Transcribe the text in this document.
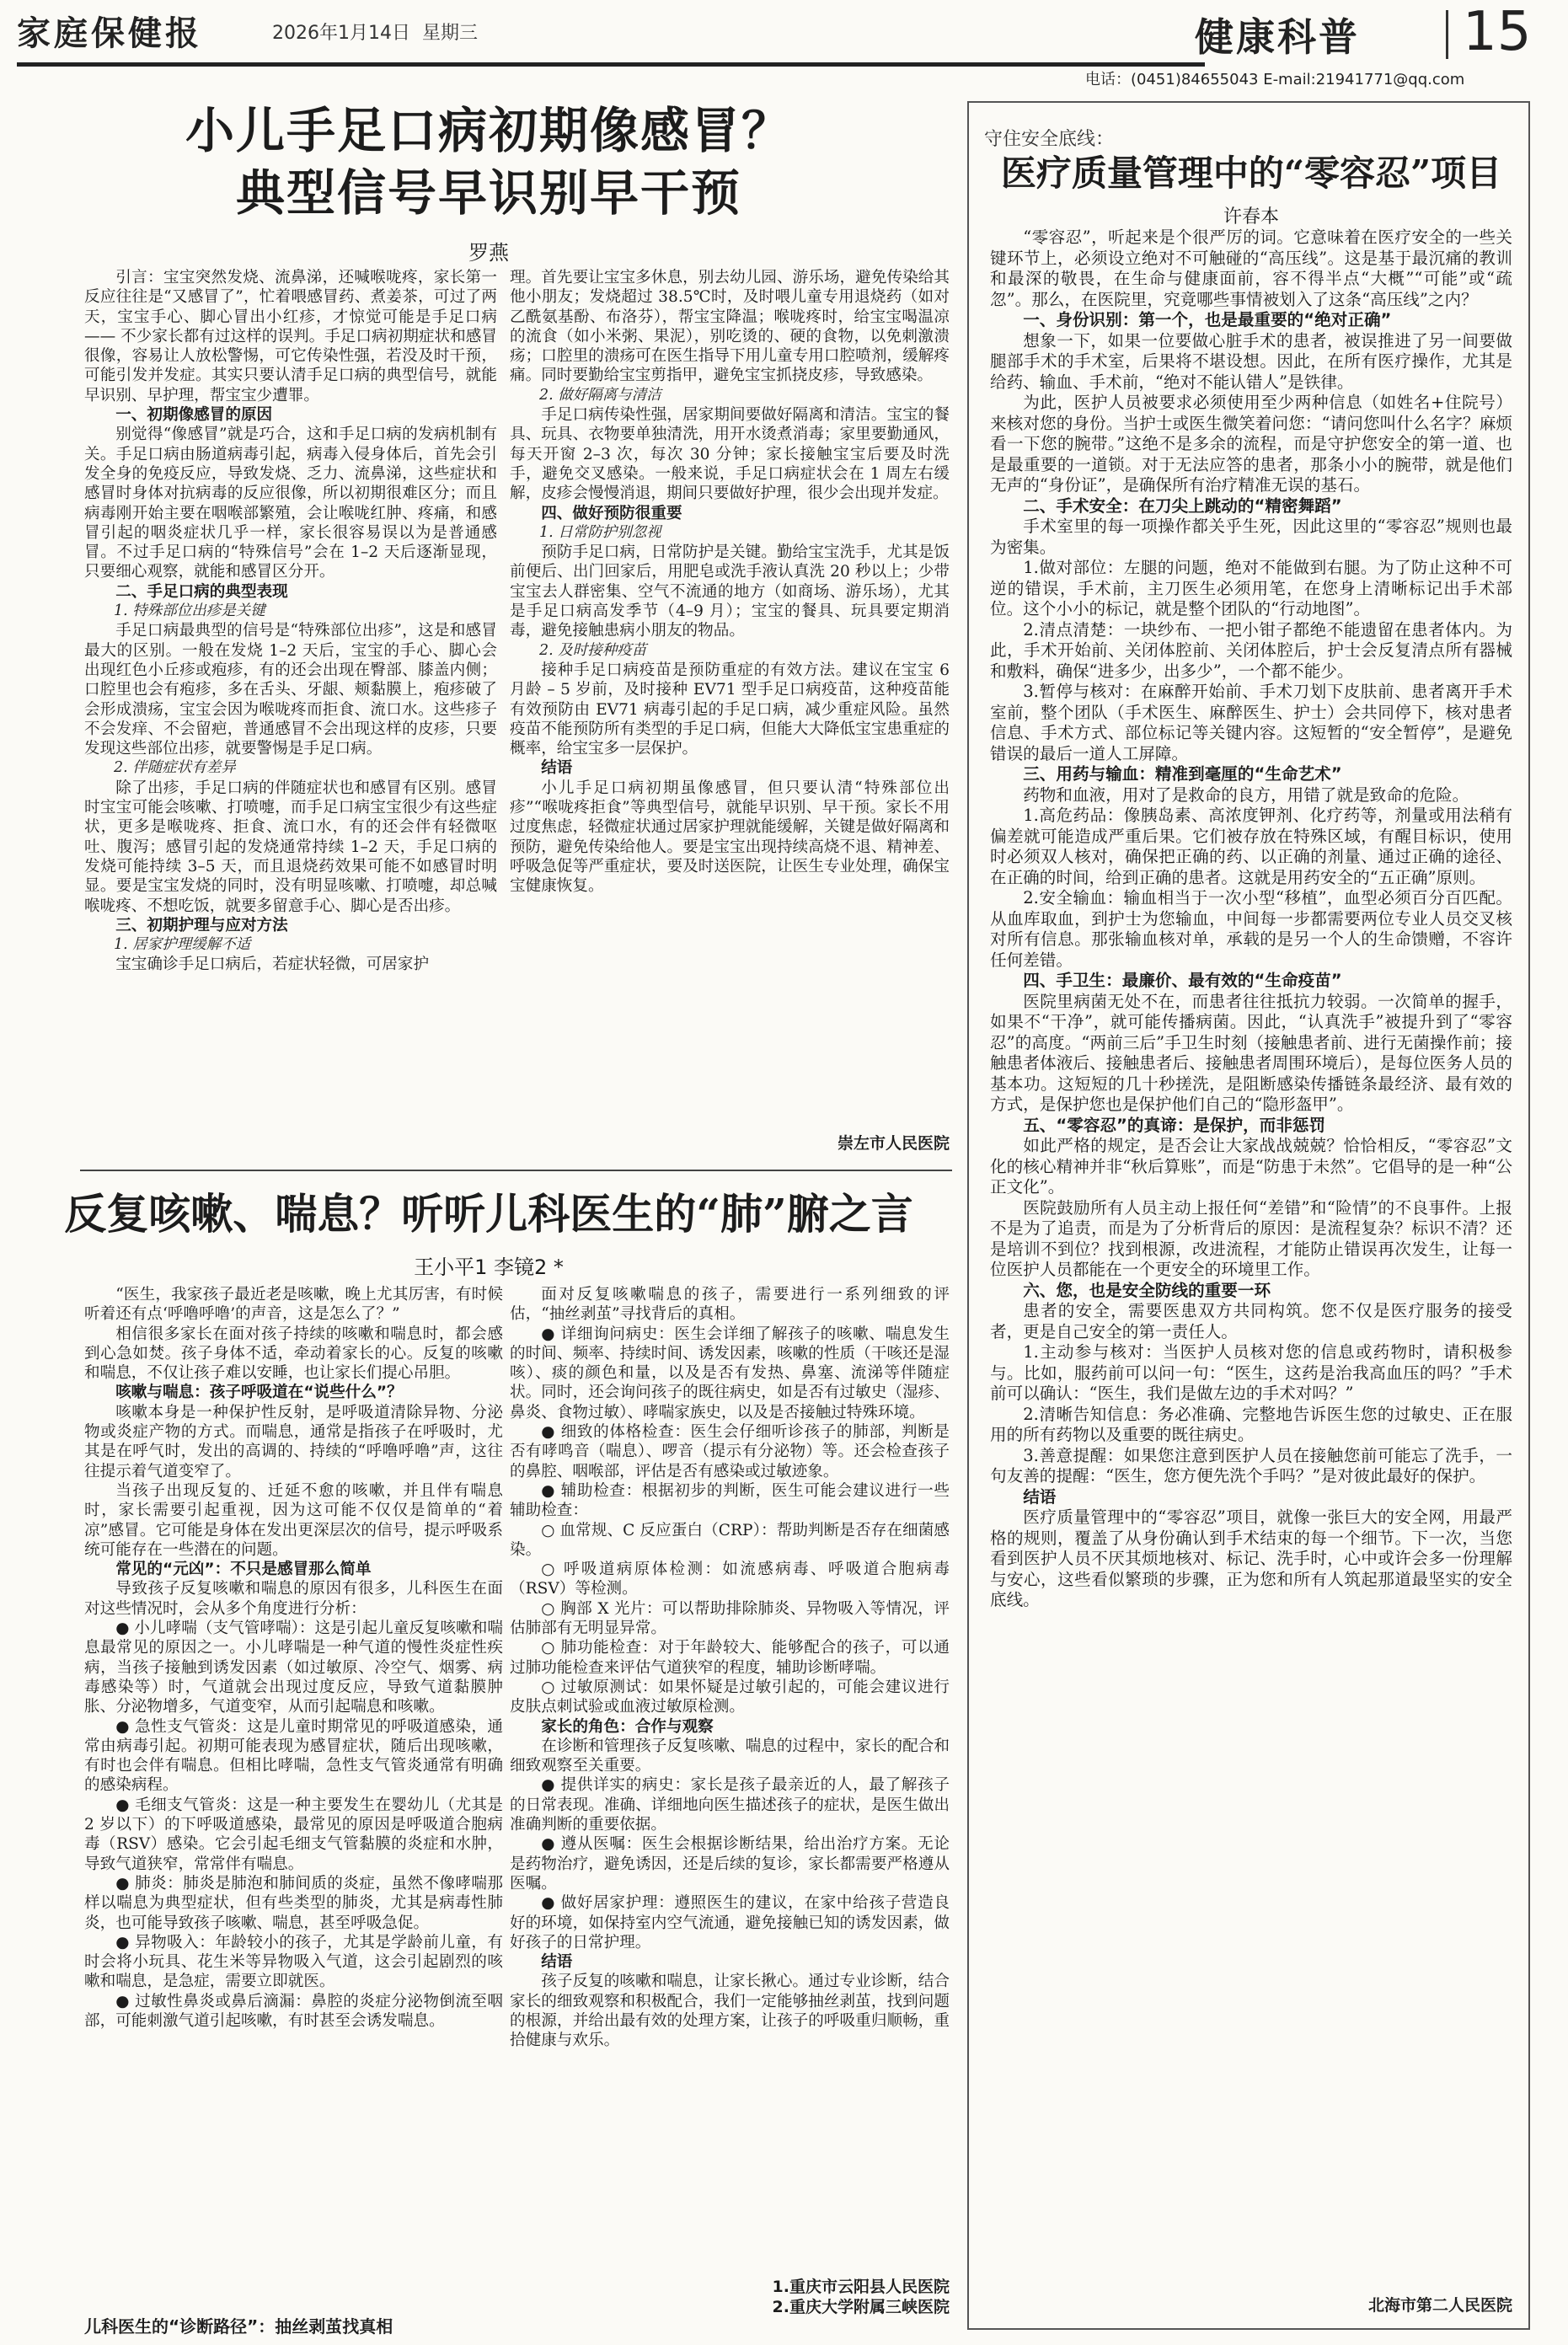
家庭保健报	2026年1月14日 星期三	健康科普 15
电话：(0451)84655043 E-mail:21941771@qq.com
小儿手足口病初期像感冒？
典型信号早识别早干预
罗燕

引言：宝宝突然发烧、流鼻涕，还喊喉咙疼，家长第一反应往往是“又感冒了”，忙着喂感冒药、煮姜茶，可过了两天，宝宝手心、脚心冒出小红疹，才惊觉可能是手足口病 —— 不少家长都有过这样的误判。手足口病初期症状和感冒很像，容易让人放松警惕，可它传染性强，若没及时干预，可能引发并发症。其实只要认清手足口病的典型信号，就能早识别、早护理，帮宝宝少遭罪。

一、初期像感冒的原因

别觉得“像感冒”就是巧合，这和手足口病的发病机制有关。手足口病由肠道病毒引起，病毒入侵身体后，首先会引发全身的免疫反应，导致发烧、乏力、流鼻涕，这些症状和感冒时身体对抗病毒的反应很像，所以初期很难区分；而且病毒刚开始主要在咽喉部繁殖，会让喉咙红肿、疼痛，和感冒引起的咽炎症状几乎一样，家长很容易误以为是普通感冒。不过手足口病的“特殊信号”会在 1–2 天后逐渐显现，只要细心观察，就能和感冒区分开。

二、手足口病的典型表现
1. 特殊部位出疹是关键

手足口病最典型的信号是“特殊部位出疹”，这是和感冒最大的区别。一般在发烧 1–2 天后，宝宝的手心、脚心会出现红色小丘疹或疱疹，有的还会出现在臀部、膝盖内侧；口腔里也会有疱疹，多在舌头、牙龈、颊黏膜上，疱疹破了会形成溃疡，宝宝会因为喉咙疼而拒食、流口水。这些疹子不会发痒、不会留疤，普通感冒不会出现这样的皮疹，只要发现这些部位出疹，就要警惕是手足口病。

2. 伴随症状有差异

除了出疹，手足口病的伴随症状也和感冒有区别。感冒时宝宝可能会咳嗽、打喷嚏，而手足口病宝宝很少有这些症状，更多是喉咙疼、拒食、流口水，有的还会伴有轻微呕吐、腹泻；感冒引起的发烧通常持续 1–2 天，手足口病的发烧可能持续 3–5 天，而且退烧药效果可能不如感冒时明显。要是宝宝发烧的同时，没有明显咳嗽、打喷嚏，却总喊喉咙疼、不想吃饭，就要多留意手心、脚心是否出疹。

三、初期护理与应对方法
1. 居家护理缓解不适

宝宝确诊手足口病后，若症状轻微，可居家护

理。首先要让宝宝多休息，别去幼儿园、游乐场，避免传染给其他小朋友；发烧超过 38.5℃时，及时喂儿童专用退烧药（如对乙酰氨基酚、布洛芬），帮宝宝降温；喉咙疼时，给宝宝喝温凉的流食（如小米粥、果泥），别吃烫的、硬的食物，以免刺激溃疡；口腔里的溃疡可在医生指导下用儿童专用口腔喷剂，缓解疼痛。同时要勤给宝宝剪指甲，避免宝宝抓挠皮疹，导致感染。

2. 做好隔离与清洁

手足口病传染性强，居家期间要做好隔离和清洁。宝宝的餐具、玩具、衣物要单独清洗，用开水烫煮消毒；家里要勤通风，每天开窗 2–3 次，每次 30 分钟；家长接触宝宝后要及时洗手，避免交叉感染。一般来说，手足口病症状会在 1 周左右缓解，皮疹会慢慢消退，期间只要做好护理，很少会出现并发症。

四、做好预防很重要
1. 日常防护别忽视

预防手足口病，日常防护是关键。勤给宝宝洗手，尤其是饭前便后、出门回家后，用肥皂或洗手液认真洗 20 秒以上；少带宝宝去人群密集、空气不流通的地方（如商场、游乐场），尤其是手足口病高发季节（4–9 月）；宝宝的餐具、玩具要定期消毒，避免接触患病小朋友的物品。

2. 及时接种疫苗

接种手足口病疫苗是预防重症的有效方法。建议在宝宝 6 月龄 – 5 岁前，及时接种 EV71 型手足口病疫苗，这种疫苗能有效预防由 EV71 病毒引起的手足口病，减少重症风险。虽然疫苗不能预防所有类型的手足口病，但能大大降低宝宝患重症的概率，给宝宝多一层保护。

结语

小儿手足口病初期虽像感冒，但只要认清“特殊部位出疹”“喉咙疼拒食”等典型信号，就能早识别、早干预。家长不用过度焦虑，轻微症状通过居家护理就能缓解，关键是做好隔离和预防，避免传染给他人。要是宝宝出现持续高烧不退、精神差、呼吸急促等严重症状，要及时送医院，让医生专业处理，确保宝宝健康恢复。

崇左市人民医院
反复咳嗽、喘息？听听儿科医生的“肺”腑之言
王小平1 李镜2 *

“医生，我家孩子最近老是咳嗽，晚上尤其厉害，有时候听着还有点‘呼噜呼噜’的声音，这是怎么了？”

相信很多家长在面对孩子持续的咳嗽和喘息时，都会感到心急如焚。孩子身体不适，牵动着家长的心。反复的咳嗽和喘息，不仅让孩子难以安睡，也让家长们提心吊胆。

咳嗽与喘息：孩子呼吸道在“说些什么”？

咳嗽本身是一种保护性反射，是呼吸道清除异物、分泌物或炎症产物的方式。而喘息，通常是指孩子在呼吸时，尤其是在呼气时，发出的高调的、持续的“呼噜呼噜”声，这往往提示着气道变窄了。

当孩子出现反复的、迁延不愈的咳嗽，并且伴有喘息时，家长需要引起重视，因为这可能不仅仅是简单的“着凉”感冒。它可能是身体在发出更深层次的信号，提示呼吸系统可能存在一些潜在的问题。

常见的“元凶”：不只是感冒那么简单

导致孩子反复咳嗽和喘息的原因有很多，儿科医生在面对这些情况时，会从多个角度进行分析：

● 小儿哮喘（支气管哮喘）：这是引起儿童反复咳嗽和喘息最常见的原因之一。小儿哮喘是一种气道的慢性炎症性疾病，当孩子接触到诱发因素（如过敏原、冷空气、烟雾、病毒感染等）时，气道就会出现过度反应，导致气道黏膜肿胀、分泌物增多，气道变窄，从而引起喘息和咳嗽。

● 急性支气管炎：这是儿童时期常见的呼吸道感染，通常由病毒引起。初期可能表现为感冒症状，随后出现咳嗽，有时也会伴有喘息。但相比哮喘，急性支气管炎通常有明确的感染病程。

● 毛细支气管炎：这是一种主要发生在婴幼儿（尤其是 2 岁以下）的下呼吸道感染，最常见的原因是呼吸道合胞病毒（RSV）感染。它会引起毛细支气管黏膜的炎症和水肿，导致气道狭窄，常常伴有喘息。

● 肺炎：肺炎是肺泡和肺间质的炎症，虽然不像哮喘那样以喘息为典型症状，但有些类型的肺炎，尤其是病毒性肺炎，也可能导致孩子咳嗽、喘息，甚至呼吸急促。

● 异物吸入：年龄较小的孩子，尤其是学龄前儿童，有时会将小玩具、花生米等异物吸入气道，这会引起剧烈的咳嗽和喘息，是急症，需要立即就医。

● 过敏性鼻炎或鼻后滴漏：鼻腔的炎症分泌物倒流至咽部，可能刺激气道引起咳嗽，有时甚至会诱发喘息。

面对反复咳嗽喘息的孩子，需要进行一系列细致的评估，“抽丝剥茧”寻找背后的真相。

● 详细询问病史：医生会详细了解孩子的咳嗽、喘息发生的时间、频率、持续时间、诱发因素，咳嗽的性质（干咳还是湿咳）、痰的颜色和量，以及是否有发热、鼻塞、流涕等伴随症状。同时，还会询问孩子的既往病史，如是否有过敏史（湿疹、鼻炎、食物过敏）、哮喘家族史，以及是否接触过特殊环境。

● 细致的体格检查：医生会仔细听诊孩子的肺部，判断是否有哮鸣音（喘息）、啰音（提示有分泌物）等。还会检查孩子的鼻腔、咽喉部，评估是否有感染或过敏迹象。

● 辅助检查：根据初步的判断，医生可能会建议进行一些辅助检查：

○ 血常规、C 反应蛋白（CRP）：帮助判断是否存在细菌感染。

○ 呼吸道病原体检测：如流感病毒、呼吸道合胞病毒（RSV）等检测。

○ 胸部 X 光片：可以帮助排除肺炎、异物吸入等情况，评估肺部有无明显异常。

○ 肺功能检查：对于年龄较大、能够配合的孩子，可以通过肺功能检查来评估气道狭窄的程度，辅助诊断哮喘。

○ 过敏原测试：如果怀疑是过敏引起的，可能会建议进行皮肤点刺试验或血液过敏原检测。

家长的角色：合作与观察

在诊断和管理孩子反复咳嗽、喘息的过程中，家长的配合和细致观察至关重要。

● 提供详实的病史：家长是孩子最亲近的人，最了解孩子的日常表现。准确、详细地向医生描述孩子的症状，是医生做出准确判断的重要依据。

● 遵从医嘱：医生会根据诊断结果，给出治疗方案。无论是药物治疗，避免诱因，还是后续的复诊，家长都需要严格遵从医嘱。

● 做好居家护理：遵照医生的建议，在家中给孩子营造良好的环境，如保持室内空气流通，避免接触已知的诱发因素，做好孩子的日常护理。

结语

孩子反复的咳嗽和喘息，让家长揪心。通过专业诊断，结合家长的细致观察和积极配合，我们一定能够抽丝剥茧，找到问题的根源，并给出最有效的处理方案，让孩子的呼吸重归顺畅，重拾健康与欢乐。

1.重庆市云阳县人民医院
2.重庆大学附属三峡医院
儿科医生的“诊断路径”：抽丝剥茧找真相
守住安全底线：
医疗质量管理中的“零容忍”项目
许春本

“零容忍”，听起来是个很严厉的词。它意味着在医疗安全的一些关键环节上，必须设立绝对不可触碰的“高压线”。这是基于最沉痛的教训和最深的敬畏，在生命与健康面前，容不得半点“大概”“可能”或“疏忽”。那么，在医院里，究竟哪些事情被划入了这条“高压线”之内？

一、身份识别：第一个，也是最重要的“绝对正确”

想象一下，如果一位要做心脏手术的患者，被误推进了另一间要做腿部手术的手术室，后果将不堪设想。因此，在所有医疗操作，尤其是给药、输血、手术前，“绝对不能认错人”是铁律。

为此，医护人员被要求必须使用至少两种信息（如姓名+住院号）来核对您的身份。当护士或医生微笑着问您：“请问您叫什么名字？麻烦看一下您的腕带。”这绝不是多余的流程，而是守护您安全的第一道、也是最重要的一道锁。对于无法应答的患者，那条小小的腕带，就是他们无声的“身份证”，是确保所有治疗精准无误的基石。

二、手术安全：在刀尖上跳动的“精密舞蹈”

手术室里的每一项操作都关乎生死，因此这里的“零容忍”规则也最为密集。

1.做对部位：左腿的问题，绝对不能做到右腿。为了防止这种不可逆的错误，手术前，主刀医生必须用笔，在您身上清晰标记出手术部位。这个小小的标记，就是整个团队的“行动地图”。

2.清点清楚：一块纱布、一把小钳子都绝不能遗留在患者体内。为此，手术开始前、关闭体腔前、关闭体腔后，护士会反复清点所有器械和敷料，确保“进多少，出多少”，一个都不能少。

3.暂停与核对：在麻醉开始前、手术刀划下皮肤前、患者离开手术室前，整个团队（手术医生、麻醉医生、护士）会共同停下，核对患者信息、手术方式、部位标记等关键内容。这短暂的“安全暂停”，是避免错误的最后一道人工屏障。

三、用药与输血：精准到毫厘的“生命艺术”

药物和血液，用对了是救命的良方，用错了就是致命的危险。

1.高危药品：像胰岛素、高浓度钾剂、化疗药等，剂量或用法稍有偏差就可能造成严重后果。它们被存放在特殊区域，有醒目标识，使用时必须双人核对，确保把正确的药、以正确的剂量、通过正确的途径、在正确的时间，给到正确的患者。这就是用药安全的“五正确”原则。

2.安全输血：输血相当于一次小型“移植”，血型必须百分百匹配。从血库取血，到护士为您输血，中间每一步都需要两位专业人员交叉核对所有信息。那张输血核对单，承载的是另一个人的生命馈赠，不容许任何差错。

四、手卫生：最廉价、最有效的“生命疫苗”

医院里病菌无处不在，而患者往往抵抗力较弱。一次简单的握手，如果不“干净”，就可能传播病菌。因此，“认真洗手”被提升到了“零容忍”的高度。“两前三后”手卫生时刻（接触患者前、进行无菌操作前；接触患者体液后、接触患者后、接触患者周围环境后），是每位医务人员的基本功。这短短的几十秒搓洗，是阻断感染传播链条最经济、最有效的方式，是保护您也是保护他们自己的“隐形盔甲”。

五、“零容忍”的真谛：是保护，而非惩罚

如此严格的规定，是否会让大家战战兢兢？恰恰相反，“零容忍”文化的核心精神并非“秋后算账”，而是“防患于未然”。它倡导的是一种“公正文化”。

医院鼓励所有人员主动上报任何“差错”和“险情”的不良事件。上报不是为了追责，而是为了分析背后的原因：是流程复杂？标识不清？还是培训不到位？找到根源，改进流程，才能防止错误再次发生，让每一位医护人员都能在一个更安全的环境里工作。

六、您，也是安全防线的重要一环

患者的安全，需要医患双方共同构筑。您不仅是医疗服务的接受者，更是自己安全的第一责任人。

1.主动参与核对：当医护人员核对您的信息或药物时，请积极参与。比如，服药前可以问一句：“医生，这药是治我高血压的吗？”手术前可以确认：“医生，我们是做左边的手术对吗？”

2.清晰告知信息：务必准确、完整地告诉医生您的过敏史、正在服用的所有药物以及重要的既往病史。

3.善意提醒：如果您注意到医护人员在接触您前可能忘了洗手，一句友善的提醒：“医生，您方便先洗个手吗？”是对彼此最好的保护。

结语

医疗质量管理中的“零容忍”项目，就像一张巨大的安全网，用最严格的规则，覆盖了从身份确认到手术结束的每一个细节。下一次，当您看到医护人员不厌其烦地核对、标记、洗手时，心中或许会多一份理解与安心，这些看似繁琐的步骤，正为您和所有人筑起那道最坚实的安全底线。

北海市第二人民医院
